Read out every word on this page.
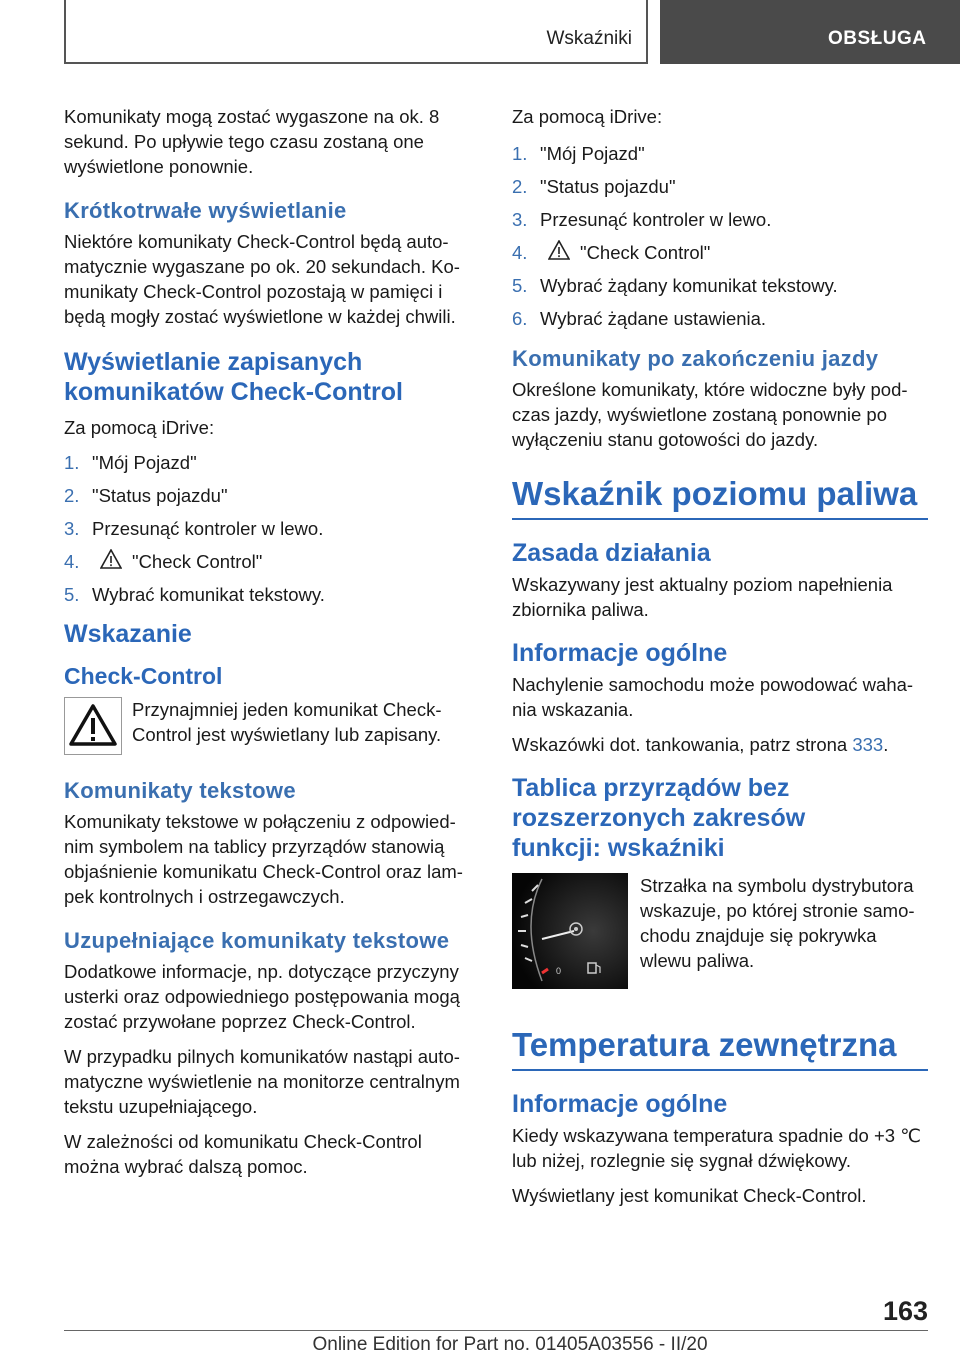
Wskaźniki	OBSŁUGA

Komunikaty mogą zostać wygaszone na ok. 8 sekund. Po upływie tego czasu zostaną one wyświetlone ponownie.

Krótkotrwałe wyświetlanie

Niektóre komunikaty Check-Control będą auto-matycznie wygaszane po ok. 20 sekundach. Ko-munikaty Check-Control pozostają w pamięci i będą mogły zostać wyświetlone w każdej chwili.

Wyświetlanie zapisanych komunikatów Check-Control

Za pomocą iDrive:

1. "Mój Pojazd"
2. "Status pojazdu"
3. Przesunąć kontroler w lewo.
4.	"Check Control"
5. Wybrać komunikat tekstowy.
Wskazanie
Check-Control

Przynajmniej jeden komunikat Check-Control jest wyświetlany lub zapisany.

Komunikaty tekstowe

Komunikaty tekstowe w połączeniu z odpowied-nim symbolem na tablicy przyrządów stanowią objaśnienie komunikatu Check-Control oraz lam-pek kontrolnych i ostrzegawczych.

Uzupełniające komunikaty tekstowe

Dodatkowe informacje, np. dotyczące przyczyny usterki oraz odpowiedniego postępowania mogą zostać przywołane poprzez Check-Control.

W przypadku pilnych komunikatów nastąpi auto-matyczne wyświetlenie na monitorze centralnym tekstu uzupełniającego.

W zależności od komunikatu Check-Control można wybrać dalszą pomoc.

Za pomocą iDrive:

1. "Mój Pojazd"
2. "Status pojazdu"
3. Przesunąć kontroler w lewo.
4.	"Check Control"
5. Wybrać żądany komunikat tekstowy.
6. Wybrać żądane ustawienia.
Komunikaty po zakończeniu jazdy

Określone komunikaty, które widoczne były pod-czas jazdy, wyświetlone zostaną ponownie po wyłączeniu stanu gotowości do jazdy.

Wskaźnik poziomu paliwa
Zasada działania

Wskazywany jest aktualny poziom napełnienia zbiornika paliwa.

Informacje ogólne

Nachylenie samochodu może powodować waha-nia wskazania.

Wskazówki dot. tankowania, patrz strona 333.

Tablica przyrządów bez rozszerzonych zakresów funkcji: wskaźniki
0

Strzałka na symbolu dystrybutora wskazuje, po której stronie samo-chodu znajduje się pokrywka wlewu paliwa.

Temperatura zewnętrzna
Informacje ogólne

Kiedy wskazywana temperatura spadnie do +3 ℃ lub niżej, rozlegnie się sygnał dźwiękowy.

Wyświetlany jest komunikat Check-Control.

163
Online Edition for Part no. 01405A03556 - II/20
